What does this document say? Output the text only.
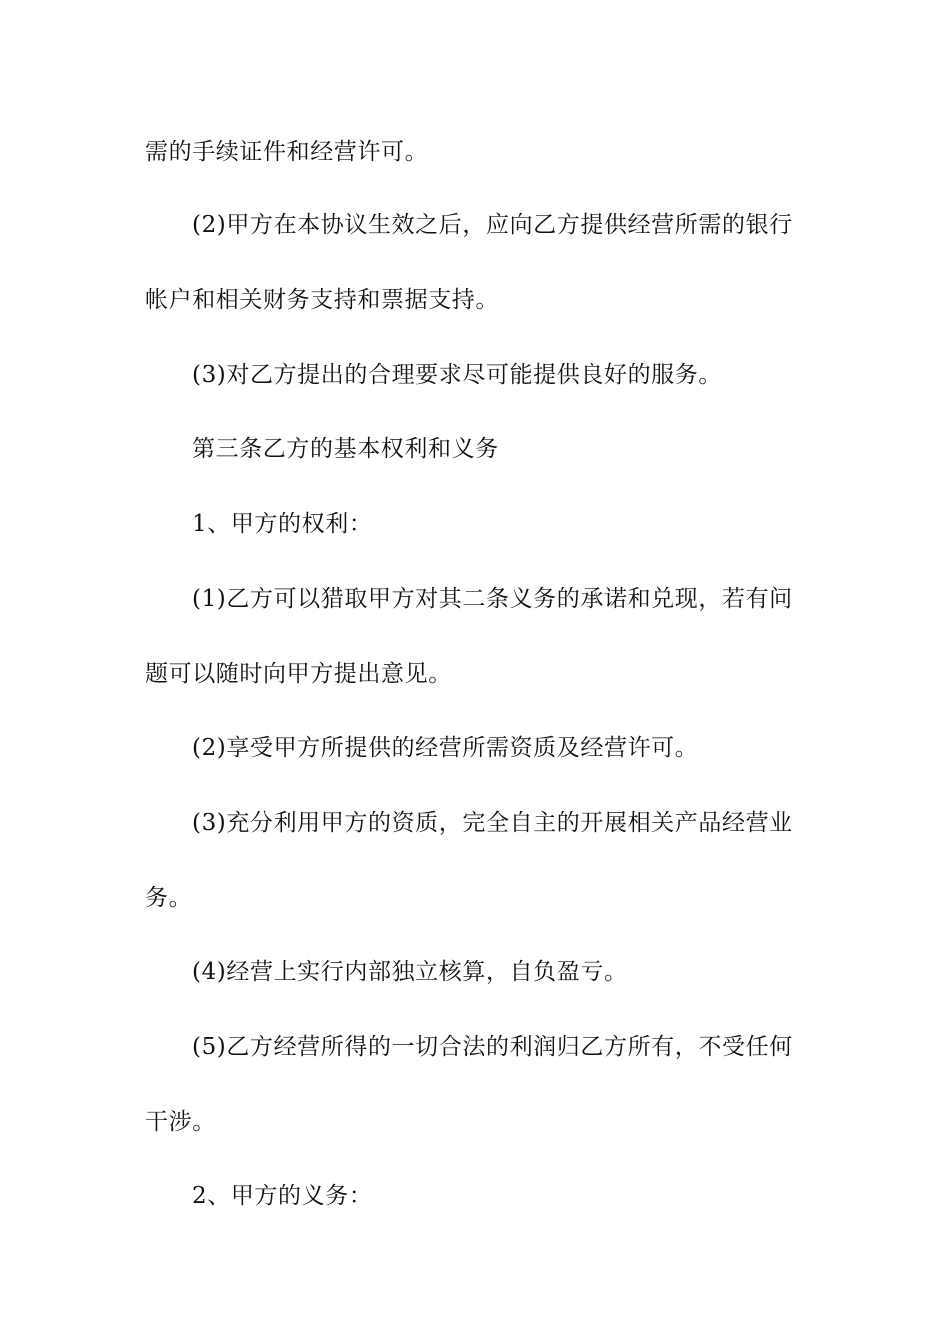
需的手续证件和经营许可。
(2)甲方在本协议生效之后，应向乙方提供经营所需的银行
帐户和相关财务支持和票据支持。
(3)对乙方提出的合理要求尽可能提供良好的服务。
第三条乙方的基本权利和义务
1、甲方的权利：
(1)乙方可以猎取甲方对其二条义务的承诺和兑现，若有问
题可以随时向甲方提出意见。
(2)享受甲方所提供的经营所需资质及经营许可。
(3)充分利用甲方的资质，完全自主的开展相关产品经营业
务。
(4)经营上实行内部独立核算，自负盈亏。
(5)乙方经营所得的一切合法的利润归乙方所有，不受任何
干涉。
2、甲方的义务：
